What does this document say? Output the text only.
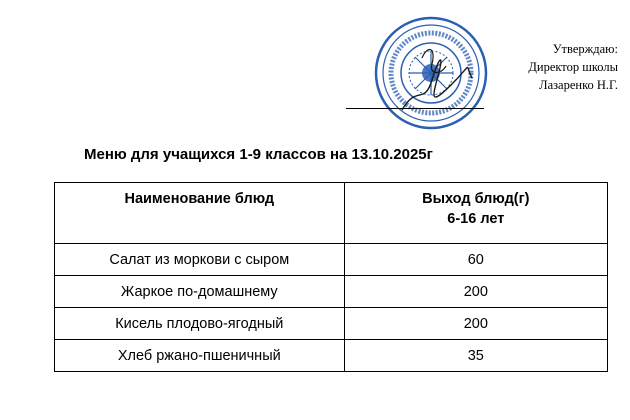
Утверждаю:
Директор школы
Лазаренко Н.Г.
Меню для учащихся 1-9 классов на 13.10.2025г
Наименование блюд	Выход блюд(г)
6-16 лет

Салат из моркови с сыром	60
Жаркое по-домашнему	200
Кисель плодово-ягодный	200
Хлеб ржано-пшеничный	35
